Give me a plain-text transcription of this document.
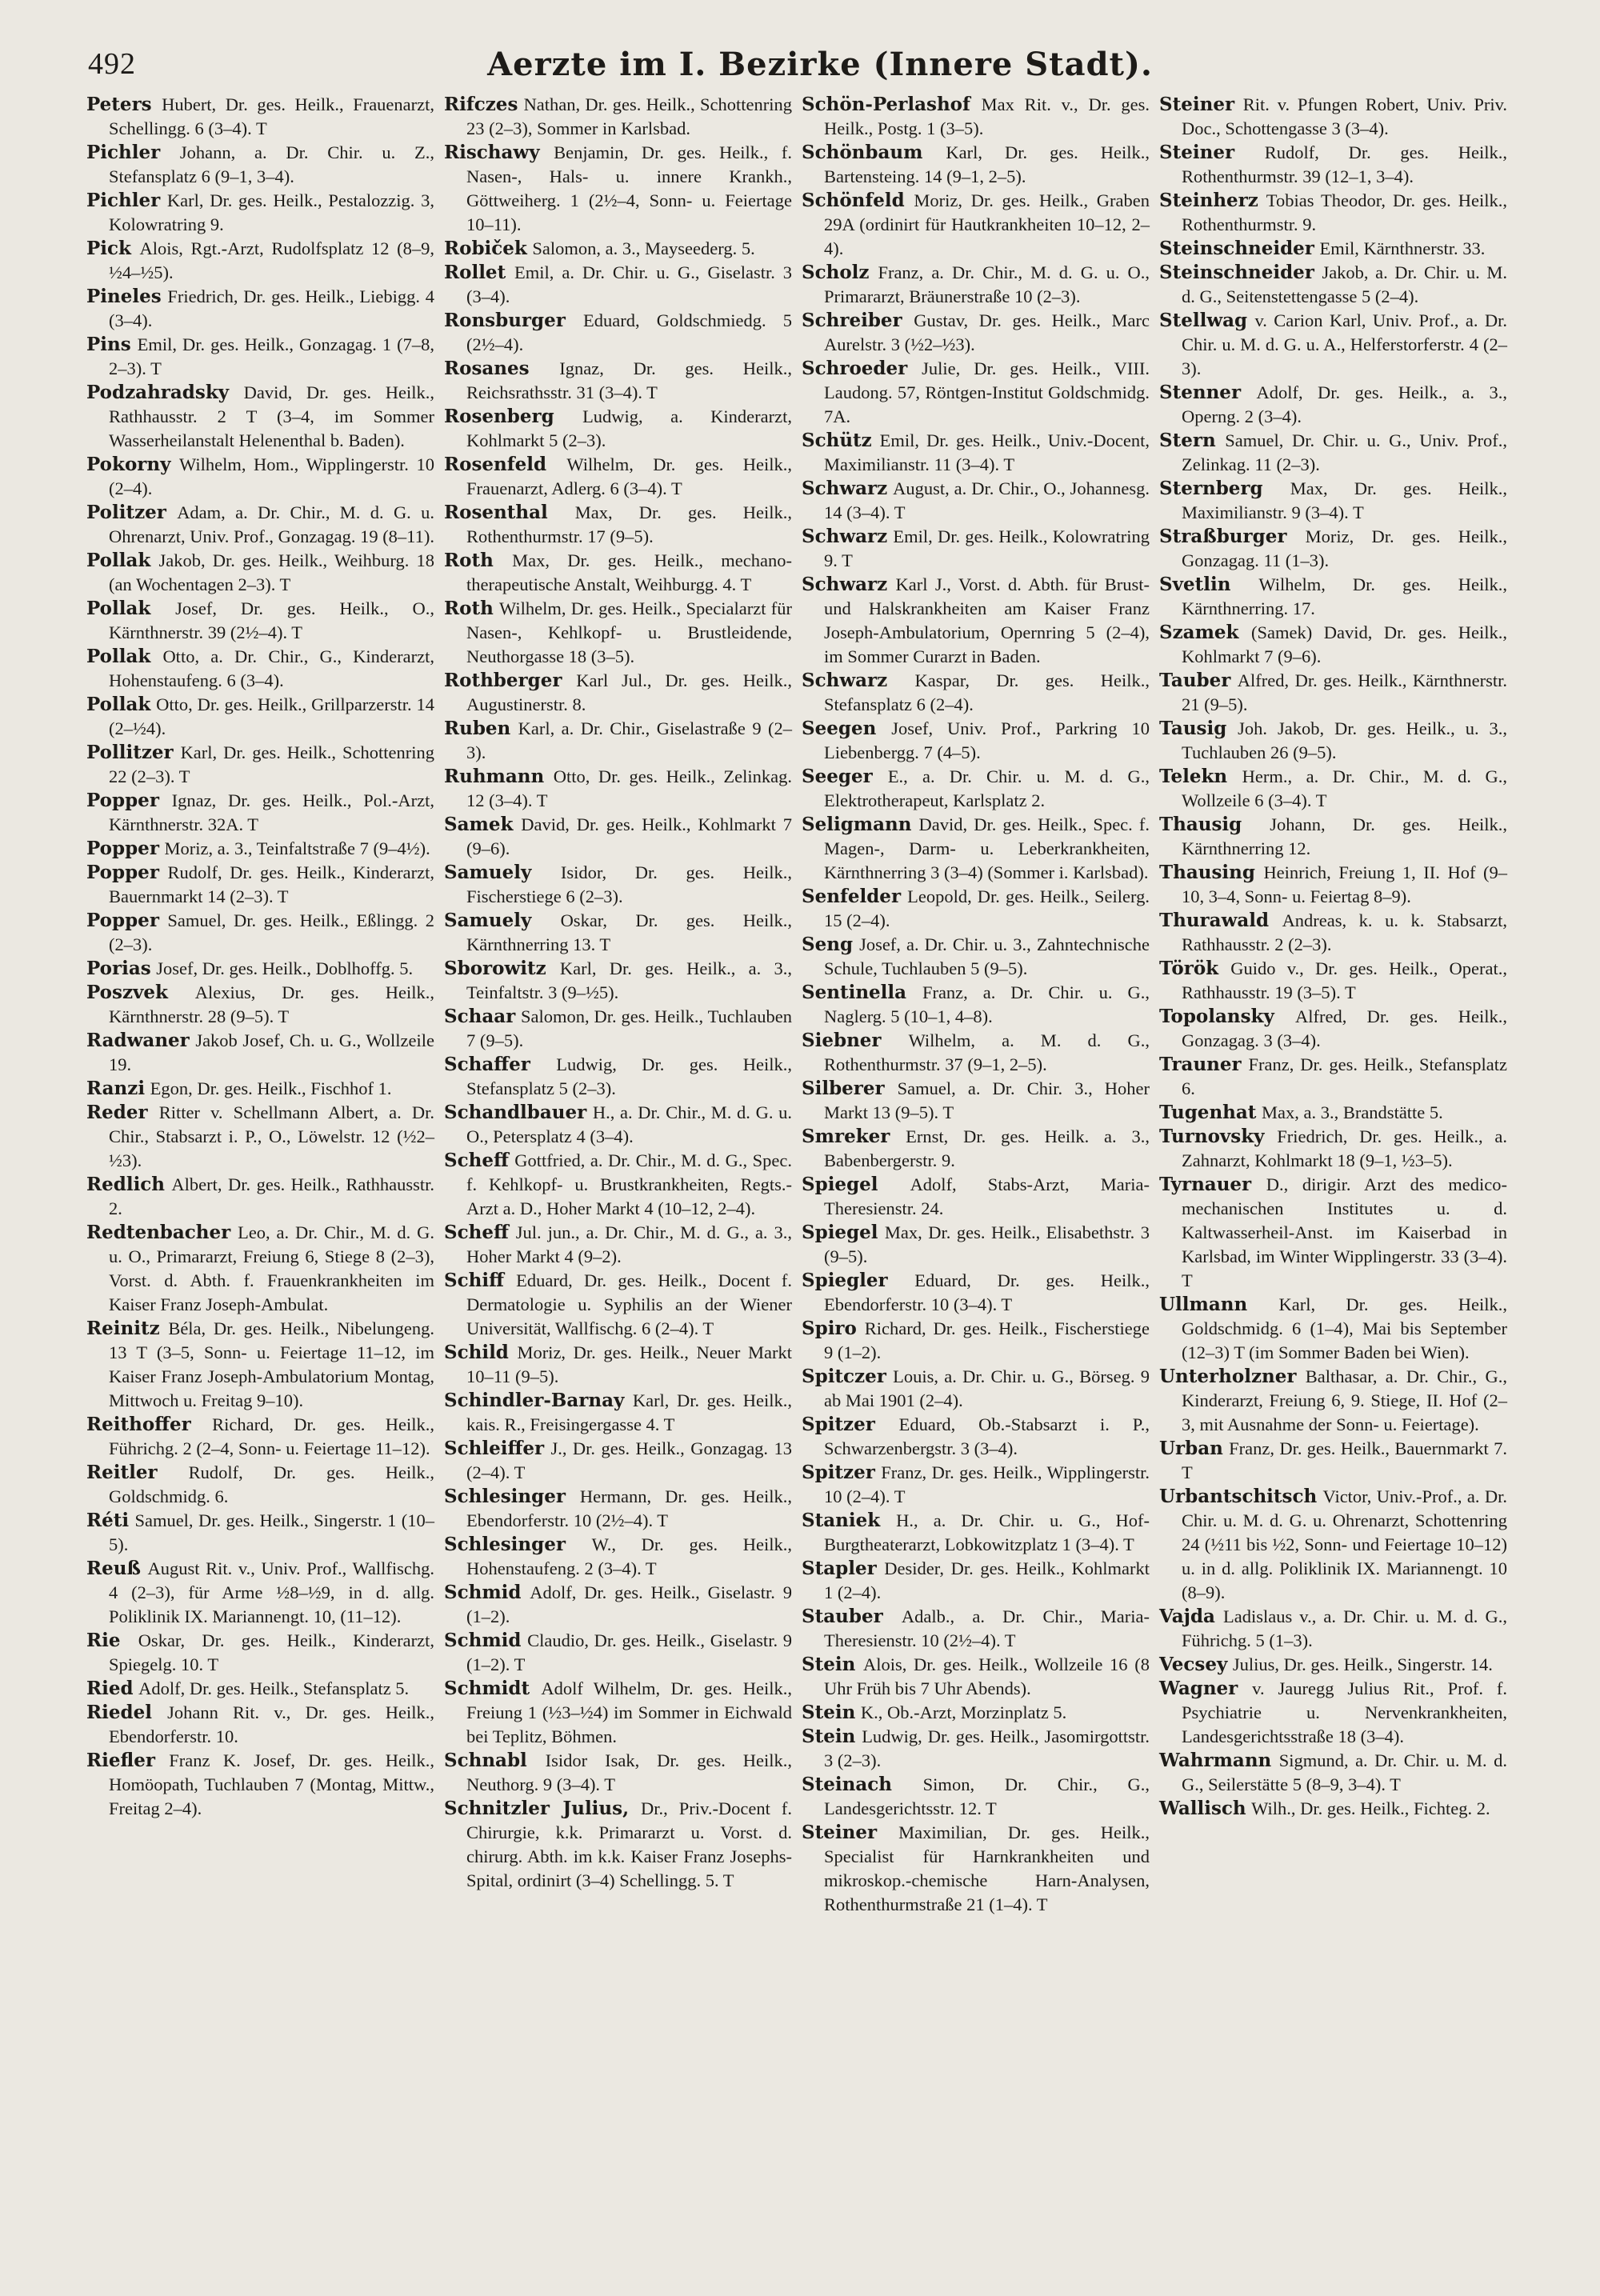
492	Aerzte im I. Bezirke (Innere Stadt).

Peters Hubert, Dr. ges. Heilk., Frauenarzt, Schellingg. 6 (3–4). T

Pichler Johann, a. Dr. Chir. u. Z., Stefansplatz 6 (9–1, 3–4).

Pichler Karl, Dr. ges. Heilk., Pestalozzig. 3, Kolowratring 9.

Pick Alois, Rgt.-Arzt, Rudolfsplatz 12 (8–9, ½4–½5).

Pineles Friedrich, Dr. ges. Heilk., Liebigg. 4 (3–4).

Pins Emil, Dr. ges. Heilk., Gonzagag. 1 (7–8, 2–3). T

Podzahradsky David, Dr. ges. Heilk., Rathhausstr. 2 T (3–4, im Sommer Wasserheilanstalt Helenenthal b. Baden).

Pokorny Wilhelm, Hom., Wipplingerstr. 10 (2–4).

Politzer Adam, a. Dr. Chir., M. d. G. u. Ohrenarzt, Univ. Prof., Gonzagag. 19 (8–11).

Pollak Jakob, Dr. ges. Heilk., Weihburg. 18 (an Wochentagen 2–3). T

Pollak Josef, Dr. ges. Heilk., O., Kärnthnerstr. 39 (2½–4). T

Pollak Otto, a. Dr. Chir., G., Kinderarzt, Hohenstaufeng. 6 (3–4).

Pollak Otto, Dr. ges. Heilk., Grillparzerstr. 14 (2–½4).

Pollitzer Karl, Dr. ges. Heilk., Schottenring 22 (2–3). T

Popper Ignaz, Dr. ges. Heilk., Pol.-Arzt, Kärnthnerstr. 32A. T

Popper Moriz, a. 3., Teinfaltstraße 7 (9–4½).

Popper Rudolf, Dr. ges. Heilk., Kinderarzt, Bauernmarkt 14 (2–3). T

Popper Samuel, Dr. ges. Heilk., Eßlingg. 2 (2–3).

Porias Josef, Dr. ges. Heilk., Doblhoffg. 5.

Poszvek Alexius, Dr. ges. Heilk., Kärnthnerstr. 28 (9–5). T

Radwaner Jakob Josef, Ch. u. G., Wollzeile 19.

Ranzi Egon, Dr. ges. Heilk., Fischhof 1.

Reder Ritter v. Schellmann Albert, a. Dr. Chir., Stabsarzt i. P., O., Löwelstr. 12 (½2–½3).

Redlich Albert, Dr. ges. Heilk., Rathhausstr. 2.

Redtenbacher Leo, a. Dr. Chir., M. d. G. u. O., Primararzt, Freiung 6, Stiege 8 (2–3), Vorst. d. Abth. f. Frauenkrankheiten im Kaiser Franz Joseph-Ambulat.

Reinitz Béla, Dr. ges. Heilk., Nibelungeng. 13 T (3–5, Sonn- u. Feiertage 11–12, im Kaiser Franz Joseph-Ambulatorium Montag, Mittwoch u. Freitag 9–10).

Reithoffer Richard, Dr. ges. Heilk., Führichg. 2 (2–4, Sonn- u. Feiertage 11–12).

Reitler Rudolf, Dr. ges. Heilk., Goldschmidg. 6.

Réti Samuel, Dr. ges. Heilk., Singerstr. 1 (10–5).

Reuß August Rit. v., Univ. Prof., Wallfischg. 4 (2–3), für Arme ½8–½9, in d. allg. Poliklinik IX. Mariannengt. 10, (11–12).

Rie Oskar, Dr. ges. Heilk., Kinderarzt, Spiegelg. 10. T

Ried Adolf, Dr. ges. Heilk., Stefansplatz 5.

Riedel Johann Rit. v., Dr. ges. Heilk., Ebendorferstr. 10.

Riefler Franz K. Josef, Dr. ges. Heilk., Homöopath, Tuchlauben 7 (Montag, Mittw., Freitag 2–4).

Rifczes Nathan, Dr. ges. Heilk., Schottenring 23 (2–3), Sommer in Karlsbad.

Rischawy Benjamin, Dr. ges. Heilk., f. Nasen-, Hals- u. innere Krankh., Göttweiherg. 1 (2½–4, Sonn- u. Feiertage 10–11).

Robiček Salomon, a. 3., Mayseederg. 5.

Rollet Emil, a. Dr. Chir. u. G., Giselastr. 3 (3–4).

Ronsburger Eduard, Goldschmiedg. 5 (2½–4).

Rosanes Ignaz, Dr. ges. Heilk., Reichsrathsstr. 31 (3–4). T

Rosenberg Ludwig, a. Kinderarzt, Kohlmarkt 5 (2–3).

Rosenfeld Wilhelm, Dr. ges. Heilk., Frauenarzt, Adlerg. 6 (3–4). T

Rosenthal Max, Dr. ges. Heilk., Rothenthurmstr. 17 (9–5).

Roth Max, Dr. ges. Heilk., mechano-therapeutische Anstalt, Weihburgg. 4. T

Roth Wilhelm, Dr. ges. Heilk., Specialarzt für Nasen-, Kehlkopf- u. Brustleidende, Neuthorgasse 18 (3–5).

Rothberger Karl Jul., Dr. ges. Heilk., Augustinerstr. 8.

Ruben Karl, a. Dr. Chir., Giselastraße 9 (2–3).

Ruhmann Otto, Dr. ges. Heilk., Zelinkag. 12 (3–4). T

Samek David, Dr. ges. Heilk., Kohlmarkt 7 (9–6).

Samuely Isidor, Dr. ges. Heilk., Fischerstiege 6 (2–3).

Samuely Oskar, Dr. ges. Heilk., Kärnthnerring 13. T

Sborowitz Karl, Dr. ges. Heilk., a. 3., Teinfaltstr. 3 (9–½5).

Schaar Salomon, Dr. ges. Heilk., Tuchlauben 7 (9–5).

Schaffer Ludwig, Dr. ges. Heilk., Stefansplatz 5 (2–3).

Schandlbauer H., a. Dr. Chir., M. d. G. u. O., Petersplatz 4 (3–4).

Scheff Gottfried, a. Dr. Chir., M. d. G., Spec. f. Kehlkopf- u. Brustkrankheiten, Regts.-Arzt a. D., Hoher Markt 4 (10–12, 2–4).

Scheff Jul. jun., a. Dr. Chir., M. d. G., a. 3., Hoher Markt 4 (9–2).

Schiff Eduard, Dr. ges. Heilk., Docent f. Dermatologie u. Syphilis an der Wiener Universität, Wallfischg. 6 (2–4). T

Schild Moriz, Dr. ges. Heilk., Neuer Markt 10–11 (9–5).

Schindler-Barnay Karl, Dr. ges. Heilk., kais. R., Freisingergasse 4. T

Schleiffer J., Dr. ges. Heilk., Gonzagag. 13 (2–4). T

Schlesinger Hermann, Dr. ges. Heilk., Ebendorferstr. 10 (2½–4). T

Schlesinger W., Dr. ges. Heilk., Hohenstaufeng. 2 (3–4). T

Schmid Adolf, Dr. ges. Heilk., Giselastr. 9 (1–2).

Schmid Claudio, Dr. ges. Heilk., Giselastr. 9 (1–2). T

Schmidt Adolf Wilhelm, Dr. ges. Heilk., Freiung 1 (½3–½4) im Sommer in Eichwald bei Teplitz, Böhmen.

Schnabl Isidor Isak, Dr. ges. Heilk., Neuthorg. 9 (3–4). T

Schnitzler Julius, Dr., Priv.-Docent f. Chirurgie, k.k. Primararzt u. Vorst. d. chirurg. Abth. im k.k. Kaiser Franz Josephs-Spital, ordinirt (3–4) Schellingg. 5. T

Schön-Perlashof Max Rit. v., Dr. ges. Heilk., Postg. 1 (3–5).

Schönbaum Karl, Dr. ges. Heilk., Bartensteing. 14 (9–1, 2–5).

Schönfeld Moriz, Dr. ges. Heilk., Graben 29A (ordinirt für Hautkrankheiten 10–12, 2–4).

Scholz Franz, a. Dr. Chir., M. d. G. u. O., Primararzt, Bräunerstraße 10 (2–3).

Schreiber Gustav, Dr. ges. Heilk., Marc Aurelstr. 3 (½2–½3).

Schroeder Julie, Dr. ges. Heilk., VIII. Laudong. 57, Röntgen-Institut Goldschmidg. 7A.

Schütz Emil, Dr. ges. Heilk., Univ.-Docent, Maximilianstr. 11 (3–4). T

Schwarz August, a. Dr. Chir., O., Johannesg. 14 (3–4). T

Schwarz Emil, Dr. ges. Heilk., Kolowratring 9. T

Schwarz Karl J., Vorst. d. Abth. für Brust- und Halskrankheiten am Kaiser Franz Joseph-Ambulatorium, Opernring 5 (2–4), im Sommer Curarzt in Baden.

Schwarz Kaspar, Dr. ges. Heilk., Stefansplatz 6 (2–4).

Seegen Josef, Univ. Prof., Parkring 10 Liebenbergg. 7 (4–5).

Seeger E., a. Dr. Chir. u. M. d. G., Elektrotherapeut, Karlsplatz 2.

Seligmann David, Dr. ges. Heilk., Spec. f. Magen-, Darm- u. Leberkrankheiten, Kärnthnerring 3 (3–4) (Sommer i. Karlsbad).

Senfelder Leopold, Dr. ges. Heilk., Seilerg. 15 (2–4).

Seng Josef, a. Dr. Chir. u. 3., Zahntechnische Schule, Tuchlauben 5 (9–5).

Sentinella Franz, a. Dr. Chir. u. G., Naglerg. 5 (10–1, 4–8).

Siebner Wilhelm, a. M. d. G., Rothenthurmstr. 37 (9–1, 2–5).

Silberer Samuel, a. Dr. Chir. 3., Hoher Markt 13 (9–5). T

Smreker Ernst, Dr. ges. Heilk. a. 3., Babenbergerstr. 9.

Spiegel Adolf, Stabs-Arzt, Maria-Theresienstr. 24.

Spiegel Max, Dr. ges. Heilk., Elisabethstr. 3 (9–5).

Spiegler Eduard, Dr. ges. Heilk., Ebendorferstr. 10 (3–4). T

Spiro Richard, Dr. ges. Heilk., Fischerstiege 9 (1–2).

Spitczer Louis, a. Dr. Chir. u. G., Börseg. 9 ab Mai 1901 (2–4).

Spitzer Eduard, Ob.-Stabsarzt i. P., Schwarzenbergstr. 3 (3–4).

Spitzer Franz, Dr. ges. Heilk., Wipplingerstr. 10 (2–4). T

Staniek H., a. Dr. Chir. u. G., Hof-Burgtheaterarzt, Lobkowitzplatz 1 (3–4). T

Stapler Desider, Dr. ges. Heilk., Kohlmarkt 1 (2–4).

Stauber Adalb., a. Dr. Chir., Maria-Theresienstr. 10 (2½–4). T

Stein Alois, Dr. ges. Heilk., Wollzeile 16 (8 Uhr Früh bis 7 Uhr Abends).

Stein K., Ob.-Arzt, Morzinplatz 5.

Stein Ludwig, Dr. ges. Heilk., Jasomirgottstr. 3 (2–3).

Steinach Simon, Dr. Chir., G., Landesgerichtsstr. 12. T

Steiner Maximilian, Dr. ges. Heilk., Specialist für Harnkrankheiten und mikroskop.-chemische Harn-Analysen, Rothenthurmstraße 21 (1–4). T

Steiner Rit. v. Pfungen Robert, Univ. Priv. Doc., Schottengasse 3 (3–4).

Steiner Rudolf, Dr. ges. Heilk., Rothenthurmstr. 39 (12–1, 3–4).

Steinherz Tobias Theodor, Dr. ges. Heilk., Rothenthurmstr. 9.

Steinschneider Emil, Kärnthnerstr. 33.

Steinschneider Jakob, a. Dr. Chir. u. M. d. G., Seitenstettengasse 5 (2–4).

Stellwag v. Carion Karl, Univ. Prof., a. Dr. Chir. u. M. d. G. u. A., Helferstorferstr. 4 (2–3).

Stenner Adolf, Dr. ges. Heilk., a. 3., Operng. 2 (3–4).

Stern Samuel, Dr. Chir. u. G., Univ. Prof., Zelinkag. 11 (2–3).

Sternberg Max, Dr. ges. Heilk., Maximilianstr. 9 (3–4). T

Straßburger Moriz, Dr. ges. Heilk., Gonzagag. 11 (1–3).

Svetlin Wilhelm, Dr. ges. Heilk., Kärnthnerring. 17.

Szamek (Samek) David, Dr. ges. Heilk., Kohlmarkt 7 (9–6).

Tauber Alfred, Dr. ges. Heilk., Kärnthnerstr. 21 (9–5).

Tausig Joh. Jakob, Dr. ges. Heilk., u. 3., Tuchlauben 26 (9–5).

Telekn Herm., a. Dr. Chir., M. d. G., Wollzeile 6 (3–4). T

Thausig Johann, Dr. ges. Heilk., Kärnthnerring 12.

Thausing Heinrich, Freiung 1, II. Hof (9–10, 3–4, Sonn- u. Feiertag 8–9).

Thurawald Andreas, k. u. k. Stabsarzt, Rathhausstr. 2 (2–3).

Török Guido v., Dr. ges. Heilk., Operat., Rathhausstr. 19 (3–5). T

Topolansky Alfred, Dr. ges. Heilk., Gonzagag. 3 (3–4).

Trauner Franz, Dr. ges. Heilk., Stefansplatz 6.

Tugenhat Max, a. 3., Brandstätte 5.

Turnovsky Friedrich, Dr. ges. Heilk., a. Zahnarzt, Kohlmarkt 18 (9–1, ½3–5).

Tyrnauer D., dirigir. Arzt des medico-mechanischen Institutes u. d. Kaltwasserheil-Anst. im Kaiserbad in Karlsbad, im Winter Wipplingerstr. 33 (3–4). T

Ullmann Karl, Dr. ges. Heilk., Goldschmidg. 6 (1–4), Mai bis September (12–3) T (im Sommer Baden bei Wien).

Unterholzner Balthasar, a. Dr. Chir., G., Kinderarzt, Freiung 6, 9. Stiege, II. Hof (2–3, mit Ausnahme der Sonn- u. Feiertage).

Urban Franz, Dr. ges. Heilk., Bauernmarkt 7. T

Urbantschitsch Victor, Univ.-Prof., a. Dr. Chir. u. M. d. G. u. Ohrenarzt, Schottenring 24 (½11 bis ½2, Sonn- und Feiertage 10–12) u. in d. allg. Poliklinik IX. Mariannengt. 10 (8–9).

Vajda Ladislaus v., a. Dr. Chir. u. M. d. G., Führichg. 5 (1–3).

Vecsey Julius, Dr. ges. Heilk., Singerstr. 14.

Wagner v. Jauregg Julius Rit., Prof. f. Psychiatrie u. Nervenkrankheiten, Landesgerichtsstraße 18 (3–4).

Wahrmann Sigmund, a. Dr. Chir. u. M. d. G., Seilerstätte 5 (8–9, 3–4). T

Wallisch Wilh., Dr. ges. Heilk., Fichteg. 2.
